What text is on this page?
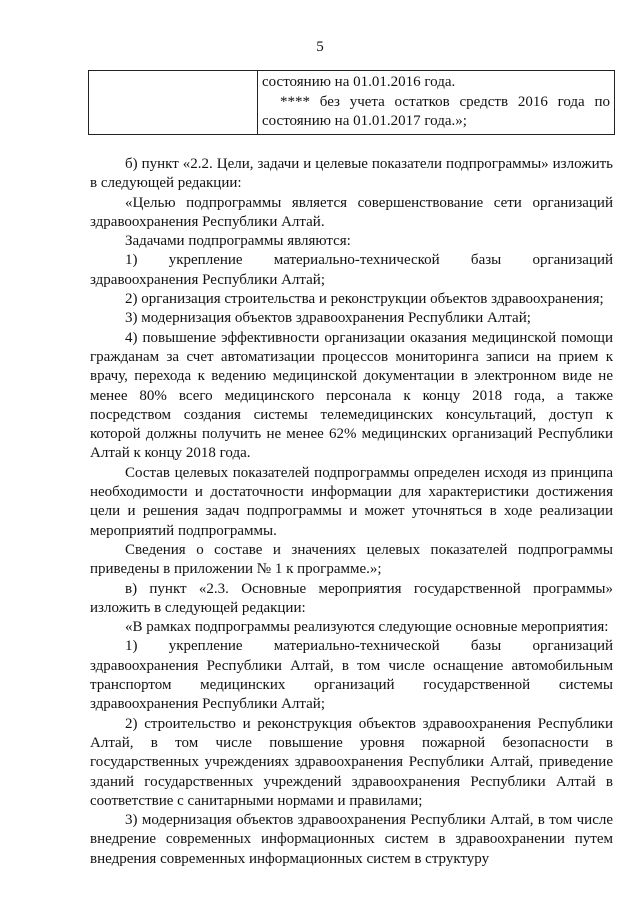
5
	состоянию на 01.01.2016 года.
**** без учета остатков средств 2016 года по состоянию на 01.01.2017 года.»;

б) пункт «2.2. Цели, задачи и целевые показатели подпрограммы» изложить в следующей редакции:

«Целью подпрограммы является совершенствование сети организаций здравоохранения Республики Алтай.

Задачами подпрограммы являются:

1) укрепление материально-технической базы организаций здравоохранения Республики Алтай;

2) организация строительства и реконструкции объектов здравоохранения;

3) модернизация объектов здравоохранения Республики Алтай;

4) повышение эффективности организации оказания медицинской помощи гражданам за счет автоматизации процессов мониторинга записи на прием к врачу, перехода к ведению медицинской документации в электронном виде не менее 80% всего медицинского персонала к концу 2018 года, а также посредством создания системы телемедицинских консультаций, доступ к которой должны получить не менее 62% медицинских организаций Республики Алтай к концу 2018 года.

Состав целевых показателей подпрограммы определен исходя из принципа необходимости и достаточности информации для характеристики достижения цели и решения задач подпрограммы и может уточняться в ходе реализации мероприятий подпрограммы.

Сведения о составе и значениях целевых показателей подпрограммы приведены в приложении № 1 к программе.»;

в) пункт «2.3. Основные мероприятия государственной программы» изложить в следующей редакции:

«В рамках подпрограммы реализуются следующие основные мероприятия:

1) укрепление материально-технической базы организаций здравоохранения Республики Алтай, в том числе оснащение автомобильным транспортом медицинских организаций государственной системы здравоохранения Республики Алтай;

2) строительство и реконструкция объектов здравоохранения Республики Алтай, в том числе повышение уровня пожарной безопасности в государственных учреждениях здравоохранения Республики Алтай, приведение зданий государственных учреждений здравоохранения Республики Алтай в соответствие с санитарными нормами и правилами;

3) модернизация объектов здравоохранения Республики Алтай, в том числе внедрение современных информационных систем в здравоохранении путем внедрения современных информационных систем в структуру
